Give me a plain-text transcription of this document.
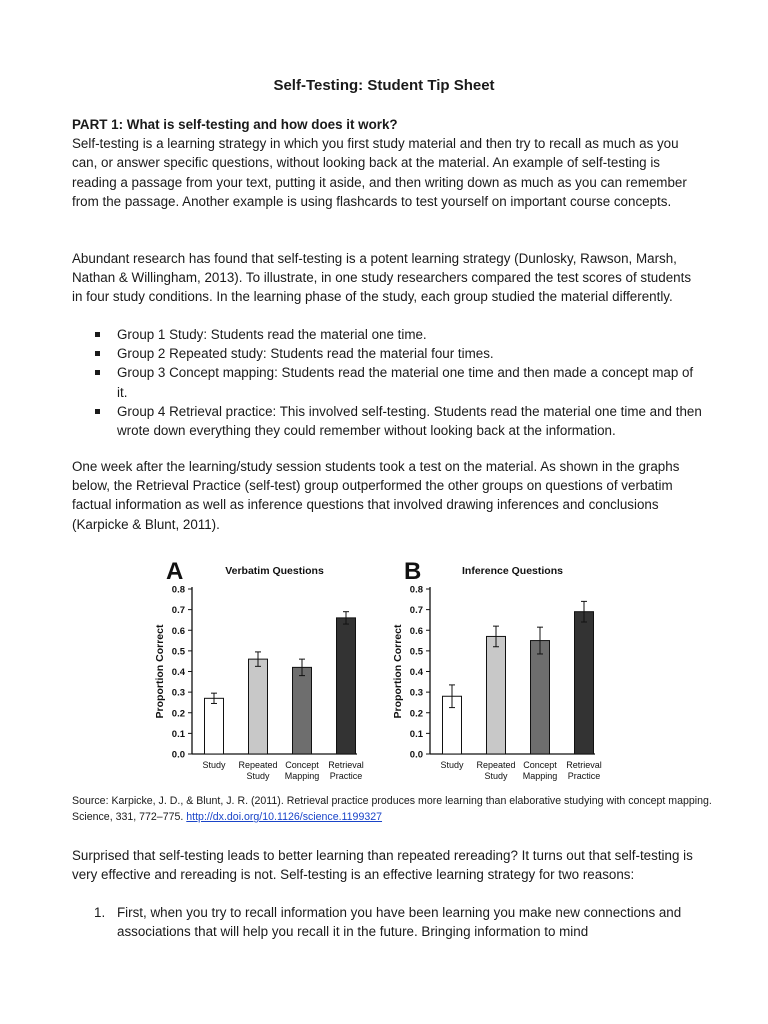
Self-Testing: Student Tip Sheet

PART 1: What is self-testing and how does it work?
Self-testing is a learning strategy in which you first study material and then try to recall as much as you can, or answer specific questions, without looking back at the material. An example of self-testing is reading a passage from your text, putting it aside, and then writing down as much as you can remember from the passage. Another example is using flashcards to test yourself on important course concepts.

Abundant research has found that self-testing is a potent learning strategy (Dunlosky, Rawson, Marsh, Nathan & Willingham, 2013). To illustrate, in one study researchers compared the test scores of students in four study conditions. In the learning phase of the study, each group studied the material differently.

Group 1 Study: Students read the material one time.
Group 2 Repeated study: Students read the material four times.
Group 3 Concept mapping: Students read the material one time and then made a concept map of it.
Group 4 Retrieval practice: This involved self-testing. Students read the material one time and then wrote down everything they could remember without looking back at the information.

One week after the learning/study session students took a test on the material. As shown in the graphs below, the Retrieval Practice (self-test) group outperformed the other groups on questions of verbatim factual information as well as inference questions that involved drawing inferences and conclusions (Karpicke & Blunt, 2011).

A	Verbatim Questions
Proportion Correct
0.0
0.1
0.2
0.3
0.4
0.5
0.6
0.7
0.8
Study Repeated
Study
Concept
Mapping
Retrieval
Practice
B	Inference Questions
Proportion Correct
0.0
0.1
0.2
0.3
0.4
0.5
0.6
0.7
0.8
Study Repeated
Study
Concept
Mapping
Retrieval
Practice

Source: Karpicke, J. D., & Blunt, J. R. (2011). Retrieval practice produces more learning than elaborative studying with concept mapping. Science, 331, 772–775. http://dx.doi.org/10.1126/science.1199327

Surprised that self-testing leads to better learning than repeated rereading? It turns out that self-testing is very effective and rereading is not. Self-testing is an effective learning strategy for two reasons:

1. First, when you try to recall information you have been learning you make new connections and associations that will help you recall it in the future. Bringing information to mind
